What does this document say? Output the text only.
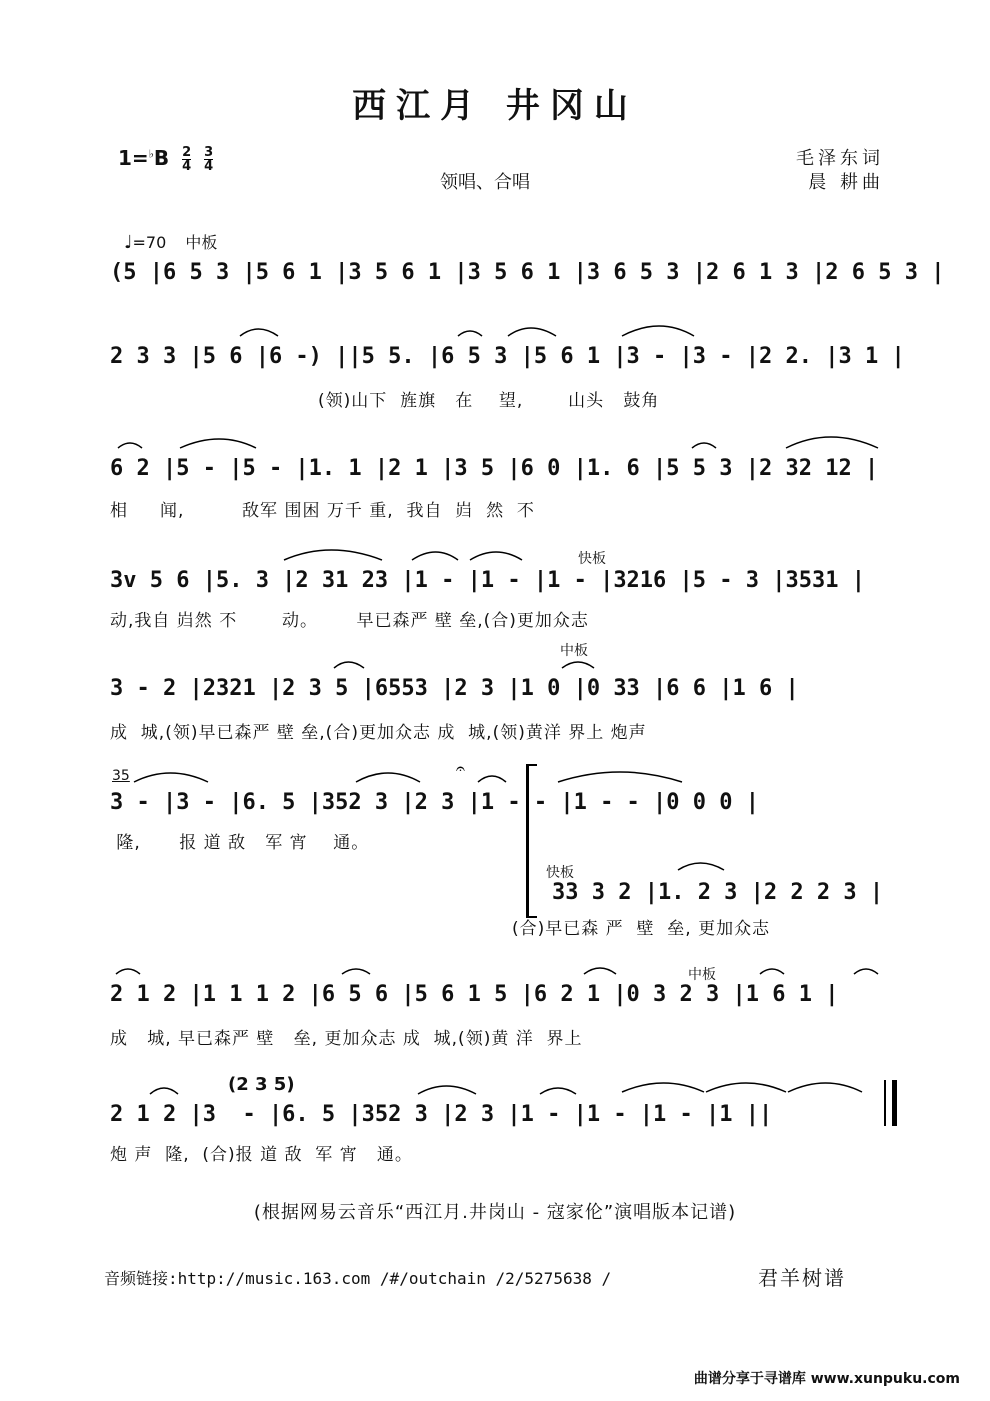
西江月 井冈山
$1=^♭B \frac{2}{4}$
$\frac{3}{4}$
领唱、合唱
毛泽东词
晨 耕曲
♩=70 中板
(5 |6 5 3 |5 6 1 |3 5 6 1 |3 5 6 1 |3 6 5 3 |2 6 1 3 |2 6 5 3 |
2 3 3 |5 6 |6 -) ||5 5. |6 5 3 |5 6 1 |3 - |3 - |2 2. |3 1 |
(领)山下  旌旗   在    望,       山头   鼓角
6 2 |5 - |5 - |1. 1 |2 1 |3 5 |6 0 |1. 6 |5 5 3 |2 32 12 |
相     闻,         敌军 围困 万千 重,  我自  岿  然  不
快板
3v 5 6 |5. 3 |2 31 23 |1 - |1 - |1 - |3216 |5 - 3 |3531 |
动,我自 岿然 不       动。      早已森严 壁 垒,(合)更加众志
中板
3 - 2 |2321 |2 3 5 |6553 |2 3 |1 0 |0 33 |6 6 |1 6 |
成  城,(领)早已森严 壁 垒,(合)更加众志 成  城,(领)黄洋 界上 炮声
35
3 - |3 - |6. 5 |352 3 |2 3 |1 - - |1 - - |0 0 0 |
隆,      报 道 敌   军 宵    通。
快板
33 3 2 |1. 2 3 |2 2 2 3 |
(合)早已森 严  壁  垒, 更加众志
中板
2 1 2 |1 1 1 2 |6 5 6 |5 6 1 5 |6 2 1 |0 3 2 3 |1 6 1 |
成   城, 早已森严 壁   垒, 更加众志 成  城,(领)黄 洋  界上
(2 3 5)
2 1 2 |3  - |6. 5 |352 3 |2 3 |1 - |1 - |1 - |1 ||
炮 声  隆,  (合)报 道 敌  军 宵   通。
𝄐
(根据网易云音乐“西江月.井岗山 - 寇家伦”演唱版本记谱)
音频链接:http://music.163.com /#/outchain /2/5275638 /	君羊树谱
曲谱分享于寻谱库 www.xunpuku.com
